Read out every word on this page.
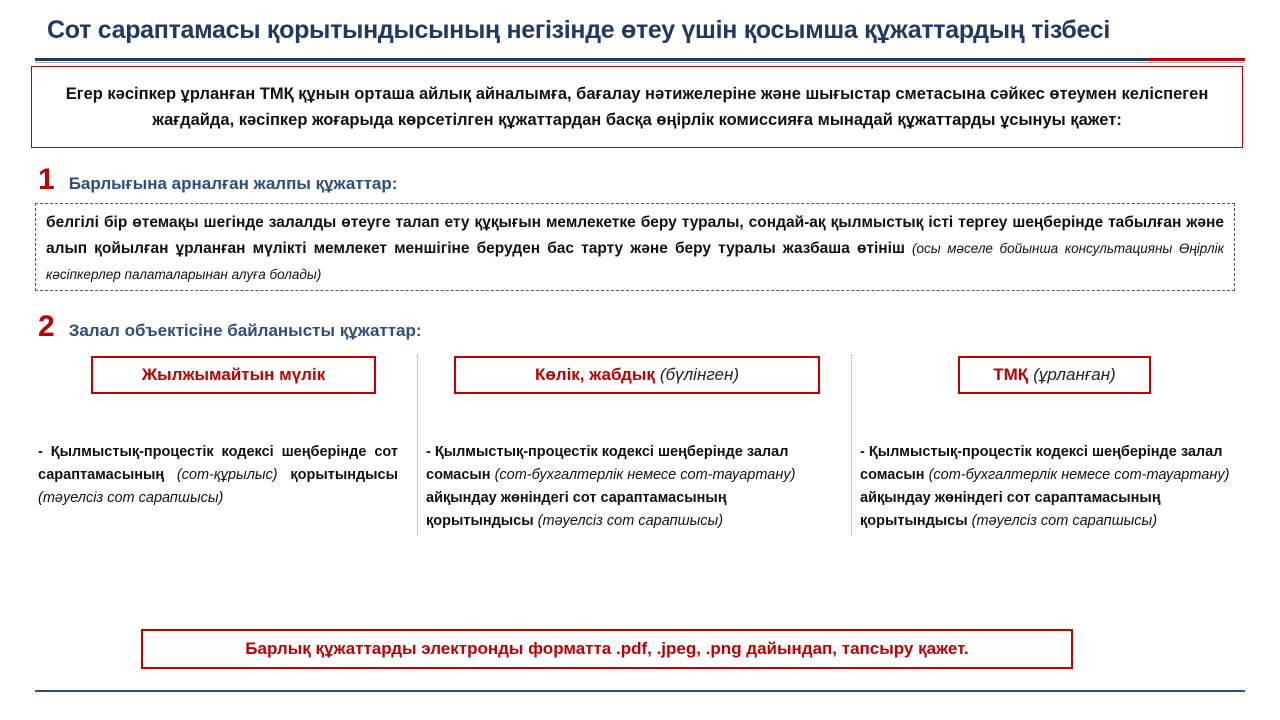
Сот сараптамасы қорытындысының негізінде өтеу үшін қосымша құжаттардың тізбесі
Егер кәсіпкер ұрланған ТМҚ құнын орташа айлық айналымға, бағалау нәтижелеріне және шығыстар сметасына сәйкес өтеумен келіспеген жағдайда, кәсіпкер жоғарыда көрсетілген құжаттардан басқа өңірлік комиссияға мынадай құжаттарды ұсынуы қажет:
1 Барлығына арналған жалпы құжаттар:
белгілі бір өтемақы шегінде залалды өтеуге талап ету құқығын мемлекетке беру туралы, сондай-ақ қылмыстық істі тергеу шеңберінде табылған және алып қойылған ұрланған мүлікті мемлекет меншігіне беруден бас тарту және беру туралы жазбаша өтініш (осы мәселе бойынша консультацияны Өңірлік кәсіпкерлер палаталарынан алуға болады)
2 Залал объектісіне байланысты құжаттар:
Жылжымайтын мүлік
- Қылмыстық-процестік кодексі шеңберінде сот сараптамасының (сот-құрылыс) қорытындысы (тәуелсіз сот сарапшысы)
Көлік, жабдық (бүлінген)
- Қылмыстық-процестік кодексі шеңберінде залал сомасын (сот-бухгалтерлік немесе сот-тауартану) айқындау жөніндегі сот сараптамасының қорытындысы (тәуелсіз сот сарапшысы)
ТМҚ (ұрланған)
- Қылмыстық-процестік кодексі шеңберінде залал сомасын (сот-бухгалтерлік немесе сот-тауартану) айқындау жөніндегі сот сараптамасының қорытындысы (тәуелсіз сот сарапшысы)
Барлық құжаттарды электронды форматта .pdf, .jpeg, .png дайындап, тапсыру қажет.
